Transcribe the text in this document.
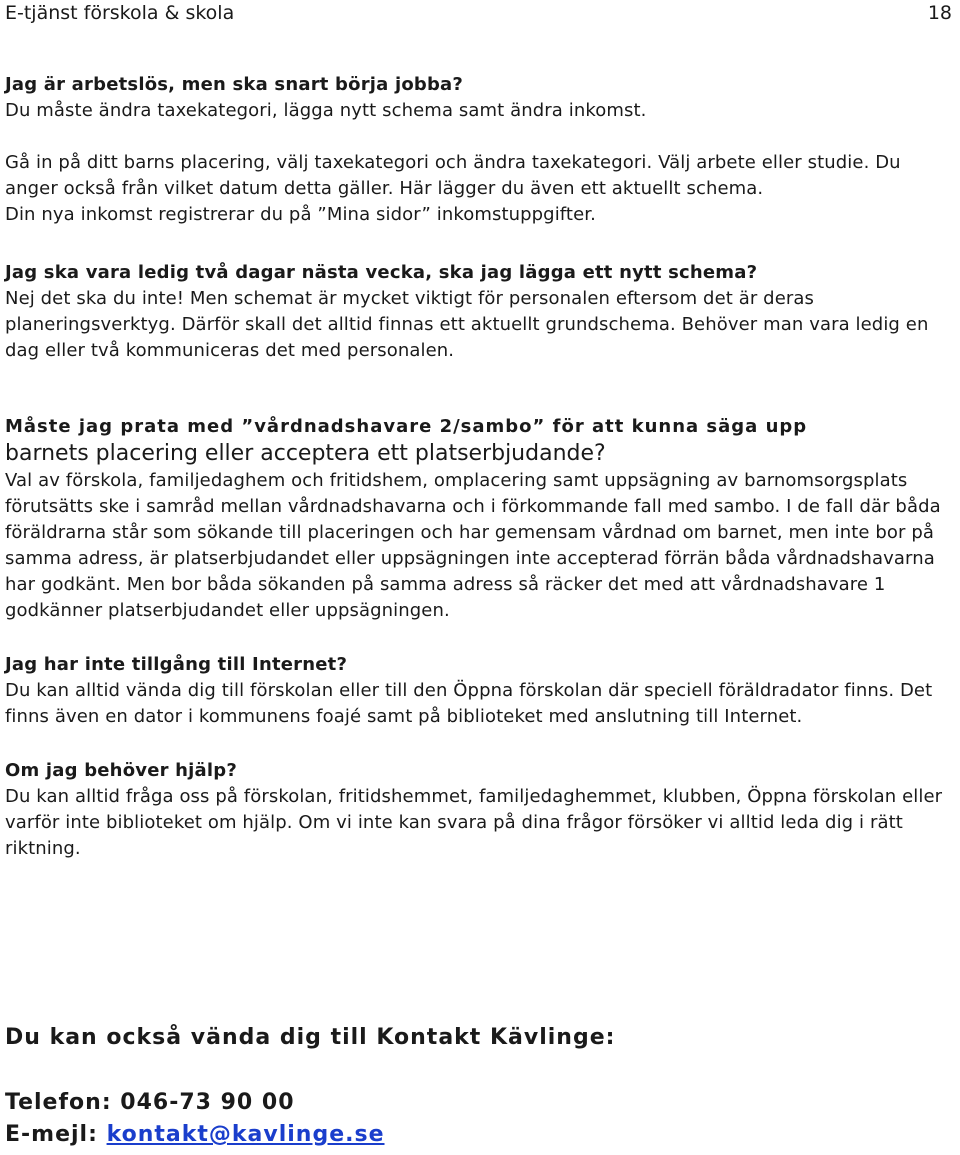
E-tjänst förskola & skola	18

Jag är arbetslös, men ska snart börja jobba?

Du måste ändra taxekategori, lägga nytt schema samt ändra inkomst.

Gå in på ditt barns placering, välj taxekategori och ändra taxekategori. Välj arbete eller studie. Du anger också från vilket datum detta gäller. Här lägger du även ett aktuellt schema.

Din nya inkomst registrerar du på ”Mina sidor” inkomstuppgifter.

Jag ska vara ledig två dagar nästa vecka, ska jag lägga ett nytt schema?

Nej det ska du inte! Men schemat är mycket viktigt för personalen eftersom det är deras planeringsverktyg. Därför skall det alltid finnas ett aktuellt grundschema. Behöver man vara ledig en dag eller två kommuniceras det med personalen.

Måste jag prata med ”vårdnadshavare 2/sambo” för att kunna säga upp

barnets placering eller acceptera ett platserbjudande?

Val av förskola, familjedaghem och fritidshem, omplacering samt uppsägning av barnomsorgsplats förutsätts ske i samråd mellan vårdnadshavarna och i förkommande fall med sambo. I de fall där båda föräldrarna står som sökande till placeringen och har gemensam vårdnad om barnet, men inte bor på samma adress, är platserbjudandet eller uppsägningen inte accepterad förrän båda vårdnadshavarna har godkänt. Men bor båda sökanden på samma adress så räcker det med att vårdnadshavare 1 godkänner platserbjudandet eller uppsägningen.

Jag har inte tillgång till Internet?

Du kan alltid vända dig till förskolan eller till den Öppna förskolan där speciell föräldradator finns. Det finns även en dator i kommunens foajé samt på biblioteket med anslutning till Internet.

Om jag behöver hjälp?

Du kan alltid fråga oss på förskolan, fritidshemmet, familjedaghemmet, klubben, Öppna förskolan eller varför inte biblioteket om hjälp. Om vi inte kan svara på dina frågor försöker vi alltid leda dig i rätt riktning.

Du kan också vända dig till Kontakt Kävlinge:

Telefon: 046-73 90 00

E-mejl: kontakt@kavlinge.se
